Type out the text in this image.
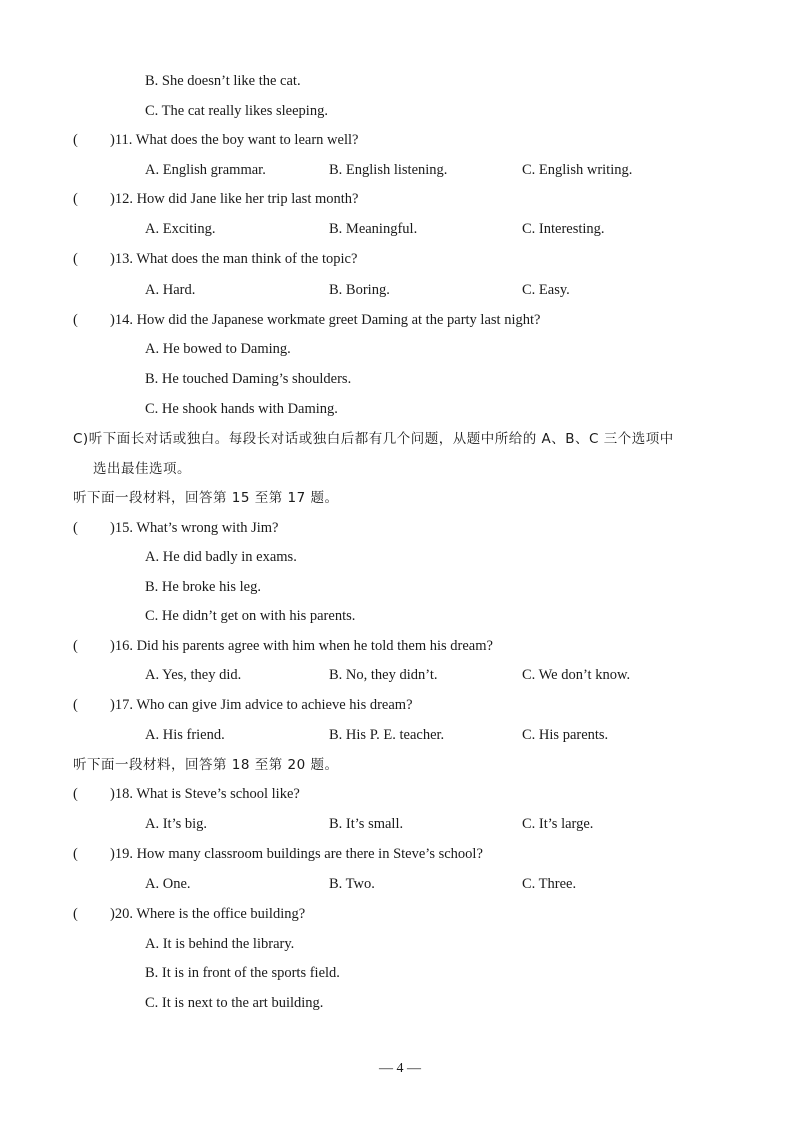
B. She doesn’t like the cat.
C. The cat really likes sleeping.
( )11. What does the boy want to learn well?
A. English grammar.	B. English listening.	C. English writing.
( )12. How did Jane like her trip last month?
A. Exciting.	B. Meaningful.	C. Interesting.
( )13. What does the man think of the topic?
A. Hard.	B. Boring.	C. Easy.
( )14. How did the Japanese workmate greet Daming at the party last night?
A. He bowed to Daming.
B. He touched Daming’s shoulders.
C. He shook hands with Daming.
C)听下面长对话或独白。每段长对话或独白后都有几个问题，从题中所给的 A、B、C 三个选项中
选出最佳选项。
听下面一段材料，回答第 15 至第 17 题。
( )15. What’s wrong with Jim?
A. He did badly in exams.
B. He broke his leg.
C. He didn’t get on with his parents.
( )16. Did his parents agree with him when he told them his dream?
A. Yes, they did.	B. No, they didn’t.	C. We don’t know.
( )17. Who can give Jim advice to achieve his dream?
A. His friend.	B. His P. E. teacher.	C. His parents.
听下面一段材料，回答第 18 至第 20 题。
( )18. What is Steve’s school like?
A. It’s big.	B. It’s small.	C. It’s large.
( )19. How many classroom buildings are there in Steve’s school?
A. One.	B. Two.	C. Three.
( )20. Where is the office building?
A. It is behind the library.
B. It is in front of the sports field.
C. It is next to the art building.
— 4 —
